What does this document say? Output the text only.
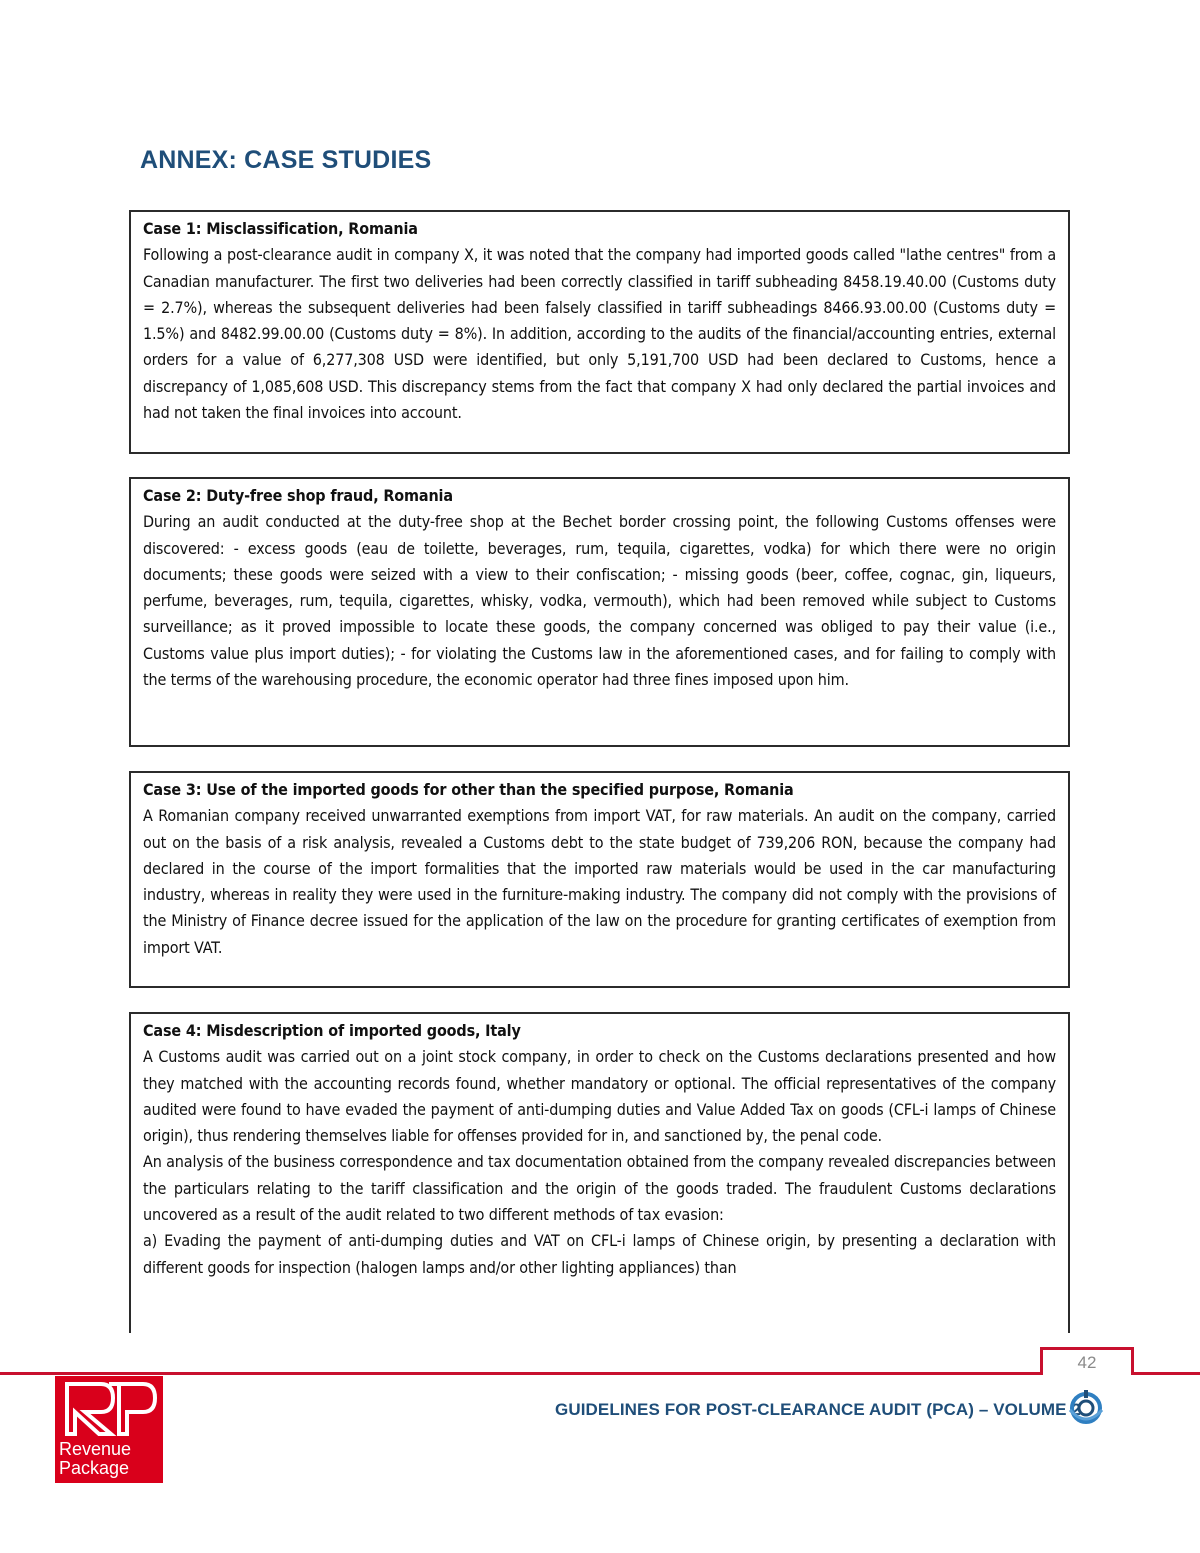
ANNEX: CASE STUDIES

Case 1: Misclassification, Romania

Following a post-clearance audit in company X, it was noted that the company had imported goods called "lathe centres" from a Canadian manufacturer. The first two deliveries had been correctly classified in tariff subheading 8458.19.40.00 (Customs duty = 2.7%), whereas the subsequent deliveries had been falsely classified in tariff subheadings 8466.93.00.00 (Customs duty = 1.5%) and 8482.99.00.00 (Customs duty = 8%). In addition, according to the audits of the financial/accounting entries, external orders for a value of 6,277,308 USD were identified, but only 5,191,700 USD had been declared to Customs, hence a discrepancy of 1,085,608 USD. This discrepancy stems from the fact that company X had only declared the partial invoices and had not taken the final invoices into account.

Case 2: Duty-free shop fraud, Romania

During an audit conducted at the duty-free shop at the Bechet border crossing point, the following Customs offenses were discovered: - excess goods (eau de toilette, beverages, rum, tequila, cigarettes, vodka) for which there were no origin documents; these goods were seized with a view to their confiscation; - missing goods (beer, coffee, cognac, gin, liqueurs, perfume, beverages, rum, tequila, cigarettes, whisky, vodka, vermouth), which had been removed while subject to Customs surveillance; as it proved impossible to locate these goods, the company concerned was obliged to pay their value (i.e., Customs value plus import duties); - for violating the Customs law in the aforementioned cases, and for failing to comply with the terms of the warehousing procedure, the economic operator had three fines imposed upon him.

Case 3: Use of the imported goods for other than the specified purpose, Romania

A Romanian company received unwarranted exemptions from import VAT, for raw materials. An audit on the company, carried out on the basis of a risk analysis, revealed a Customs debt to the state budget of 739,206 RON, because the company had declared in the course of the import formalities that the imported raw materials would be used in the car manufacturing industry, whereas in reality they were used in the furniture-making industry. The company did not comply with the provisions of the Ministry of Finance decree issued for the application of the law on the procedure for granting certificates of exemption from import VAT.

Case 4: Misdescription of imported goods, Italy

A Customs audit was carried out on a joint stock company, in order to check on the Customs declarations presented and how they matched with the accounting records found, whether mandatory or optional. The official representatives of the company audited were found to have evaded the payment of anti-dumping duties and Value Added Tax on goods (CFL-i lamps of Chinese origin), thus rendering themselves liable for offenses provided for in, and sanctioned by, the penal code.

An analysis of the business correspondence and tax documentation obtained from the company revealed discrepancies between the particulars relating to the tariff classification and the origin of the goods traded. The fraudulent Customs declarations uncovered as a result of the audit related to two different methods of tax evasion:

a) Evading the payment of anti-dumping duties and VAT on CFL-i lamps of Chinese origin, by presenting a declaration with different goods for inspection (halogen lamps and/or other lighting appliances) than

42
Revenue
Package
GUIDELINES FOR POST-CLEARANCE AUDIT (PCA) – VOLUME 2
